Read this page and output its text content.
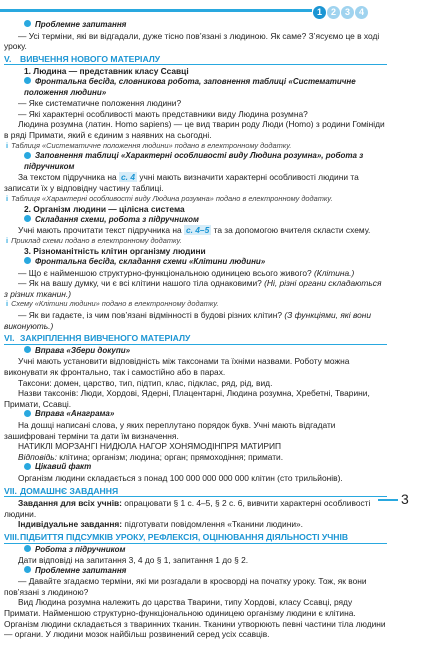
1 2 3 4

Проблемне запитання

— Усі терміни, які ви відгадали, дуже тісно пов’язані з людиною. Як саме? З’ясуємо це в ході уроку.

V. ВИВЧЕННЯ НОВОГО МАТЕРІАЛУ

1. Людина — представник класу Ссавці

Фронтальна бесіда, словникова робота, заповнення таблиці «Систематичне положення людини»

— Яке систематичне положення людини?

— Які характерні особливості мають представники виду Людина розумна?

Людина розумна (латин. Homo sapiens) — це вид тварин роду Люди (Homo) з родини Гомініди в ряді Примати, який є єдиним з наявних на сьогодні.

i Таблиця «Систематичне положення людини» подано в електронному додатку.

Заповнення таблиці «Характерні особливості виду Людина розумна», робота з підручником

За текстом підручника на с. 4 учні мають визначити характерні особливості людини та записати їх у відповідну частину таблиці.

i Таблиця «Характерні особливості виду Людина розумна» подано в електронному додатку.

2. Організм людини — цілісна система

Складання схеми, робота з підручником

Учні мають прочитати текст підручника на с. 4–5 та за допомогою вчителя скласти схему.

i Приклад схеми подано в електронному додатку.

3. Різноманітність клітин організму людини

Фронтальна бесіда, складання схеми «Клітини людини»

— Що є найменшою структурно-функціональною одиницею всього живого? (Клітина.)

— Як на вашу думку, чи є всі клітини нашого тіла однаковими? (Ні, різні органи складаються з різних тканин.)

i Схему «Клітини людини» подано в електронному додатку.

— Як ви гадаєте, із чим пов’язані відмінності в будові різних клітин? (З функціями, які вони виконують.)

VI. ЗАКРІПЛЕННЯ ВИВЧЕНОГО МАТЕРІАЛУ

Вправа «Збери докупи»

Учні мають установити відповідність між таксонами та їхніми назвами. Роботу можна виконувати як фронтально, так і самостійно або в парах.

Таксони: домен, царство, тип, підтип, клас, підклас, ряд, рід, вид.

Назви таксонів: Люди, Хордові, Ядерні, Плацентарні, Людина розумна, Хребетні, Тварини, Примати, Ссавці.

Вправа «Анаграма»

На дошці написані слова, у яких переплутано порядок букв. Учні мають відгадати зашифровані терміни та дати їм визначення.

НАТИКЛІ МОРЗАНГІ НИДЮЛА НАГОР ХОНЯМОДІНПРЯ МАТИРИП

Відповідь: клітина; організм; людина; орган; прямоходіння; примати.

Цікавий факт

Організм людини складається з понад 100 000 000 000 000 клітин (сто трильйонів).

VII. ДОМАШНЄ ЗАВДАННЯ

Завдання для всіх учнів: опрацювати § 1 с. 4–5, § 2 с. 6, вивчити характерні особливості людини.

Індивідуальне завдання: підготувати повідомлення «Тканини людини».

VIII.ПІДБИТТЯ ПІДСУМКІВ УРОКУ, РЕФЛЕКСІЯ, ОЦІНЮВАННЯ ДІЯЛЬНОСТІ УЧНІВ

Робота з підручником

Дати відповіді на запитання 3, 4 до § 1, запитання 1 до § 2.

Проблемне запитання

— Давайте згадаємо терміни, які ми розгадали в кросворді на початку уроку. Тож, як вони пов’язані з людиною?

Вид Людина розумна належить до царства Тварини, типу Хордові, класу Ссавці, ряду Примати. Найменшою структурно-функціональною одиницею організму людини є клітина. Організм людини складається з тваринних тканин. Тканини утворюють певні частини тіла людини — органи. У людини мозок найбільш розвинений серед усіх ссавців.

3
